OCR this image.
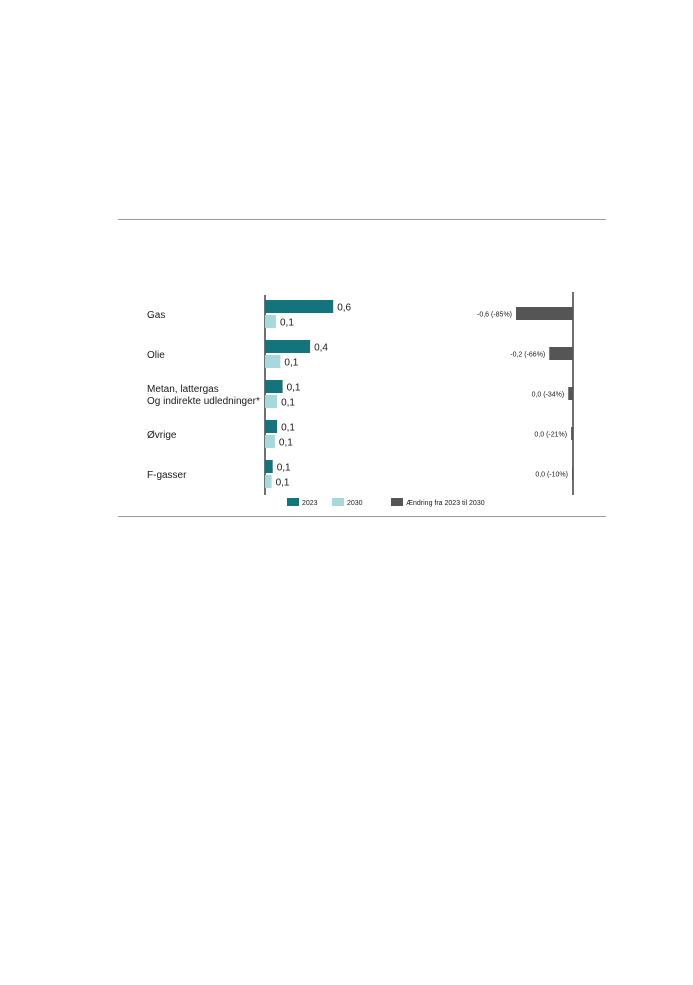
Gas
0,6
0,1
-0,6 (-85%)
Olie
0,4
0,1
-0,2 (-66%)
Metan, lattergas Og indirekte udledninger*
0,1
0,1
0,0 (-34%)
Øvrige
0,1
0,1
0,0 (-21%)
F-gasser
0,1
0,1
0,0 (-10%)
2023	2030	Ændring fra 2023 til 2030
